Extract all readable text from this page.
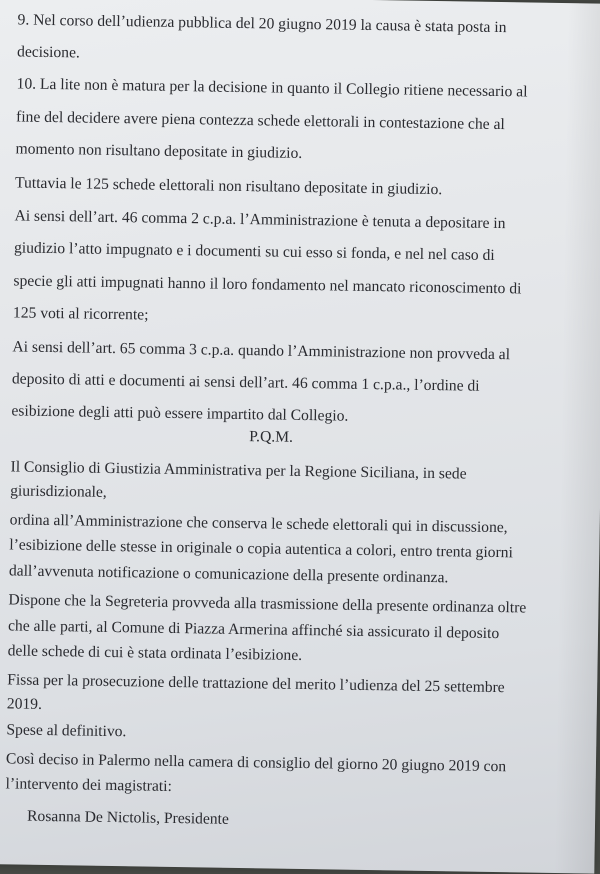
9. Nel corso dell’udienza pubblica del 20 giugno 2019 la causa è stata posta in
decisione.
10. La lite non è matura per la decisione in quanto il Collegio ritiene necessario al
fine del decidere avere piena contezza schede elettorali in contestazione che al
momento non risultano depositate in giudizio.
Tuttavia le 125 schede elettorali non risultano depositate in giudizio.
Ai sensi dell’art. 46 comma 2 c.p.a. l’Amministrazione è tenuta a depositare in
giudizio l’atto impugnato e i documenti su cui esso si fonda, e nel nel caso di
specie gli atti impugnati hanno il loro fondamento nel mancato riconoscimento di
125 voti al ricorrente;
Ai sensi dell’art. 65 comma 3 c.p.a. quando l’Amministrazione non provveda al
deposito di atti e documenti ai sensi dell’art. 46 comma 1 c.p.a., l’ordine di
esibizione degli atti può essere impartito dal Collegio.
P.Q.M.
Il Consiglio di Giustizia Amministrativa per la Regione Siciliana, in sede
giurisdizionale,
ordina all’Amministrazione che conserva le schede elettorali qui in discussione,
l’esibizione delle stesse in originale o copia autentica a colori, entro trenta giorni
dall’avvenuta notificazione o comunicazione della presente ordinanza.
Dispone che la Segreteria provveda alla trasmissione della presente ordinanza oltre
che alle parti, al Comune di Piazza Armerina affinché sia assicurato il deposito
delle schede di cui è stata ordinata l’esibizione.
Fissa per la prosecuzione delle trattazione del merito l’udienza del 25 settembre
2019.
Spese al definitivo.
Così deciso in Palermo nella camera di consiglio del giorno 20 giugno 2019 con
l’intervento dei magistrati:
Rosanna De Nictolis, Presidente
